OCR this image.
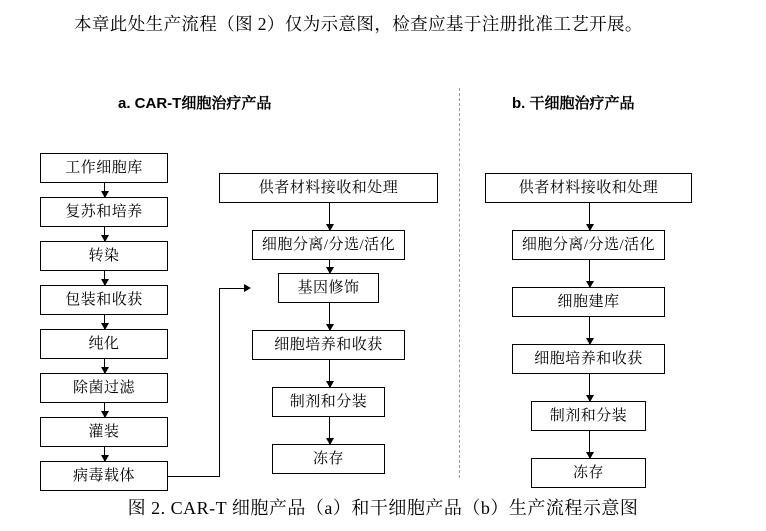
本章此处生产流程（图 2）仅为示意图，检查应基于注册批准工艺开展。
a. CAR-T细胞治疗产品	b. 干细胞治疗产品
工作细胞库
复苏和培养
转染
包装和收获
纯化
除菌过滤
灌装
病毒载体
供者材料接收和处理
细胞分离/分选/活化
基因修饰
细胞培养和收获
制剂和分装
冻存
供者材料接收和处理
细胞分离/分选/活化
细胞建库
细胞培养和收获
制剂和分装
冻存
图 2. CAR-T 细胞产品（a）和干细胞产品（b）生产流程示意图
